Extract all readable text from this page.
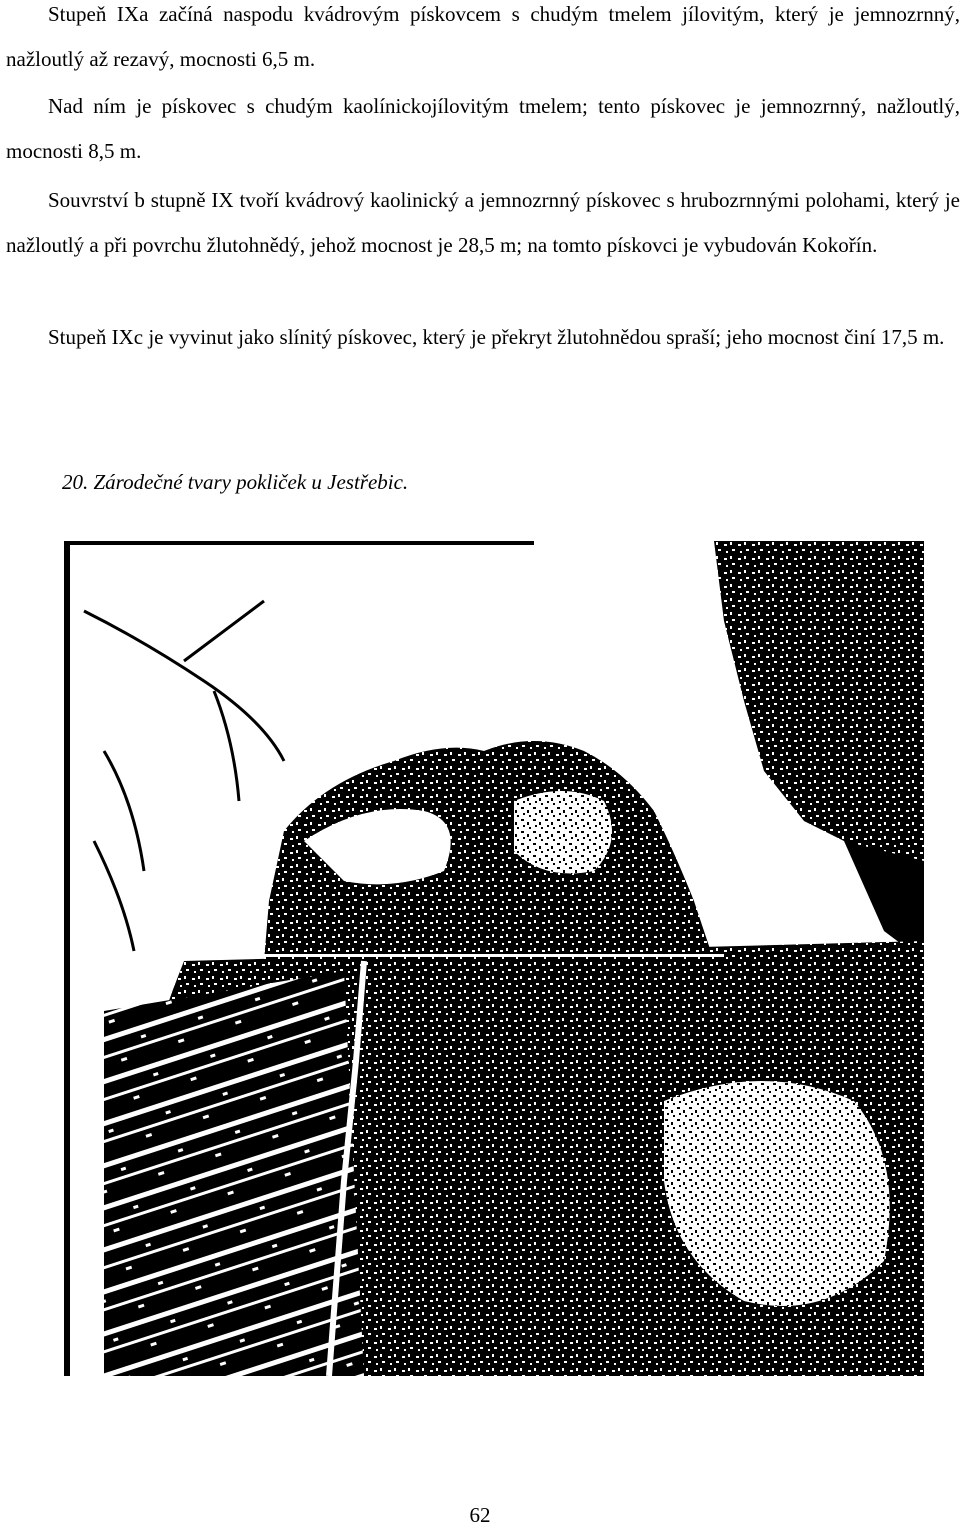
Stupeň IXa začíná naspodu kvádrovým pískovcem s chudým tmelem jílovitým, který je jemnozrnný, nažloutlý až rezavý, mocnosti 6,5 m.

Nad ním je pískovec s chudým kaolínickojílovitým tmelem; tento pískovec je jemnozrnný, nažloutlý, mocnosti 8,5 m.

Souvrství b stupně IX tvoří kvádrový kaolinický a jemnozrnný pískovec s hrubozrnnými polohami, který je nažloutlý a při povrchu žlutohnědý, jehož mocnost je 28,5 m; na tomto pískovci je vybudován Kokořín.

Stupeň IXc je vyvinut jako slínitý pískovec, který je překryt žlutohnědou spraší; jeho mocnost činí 17,5 m.

20. Zárodečné tvary pokliček u Jestřebic.

62
